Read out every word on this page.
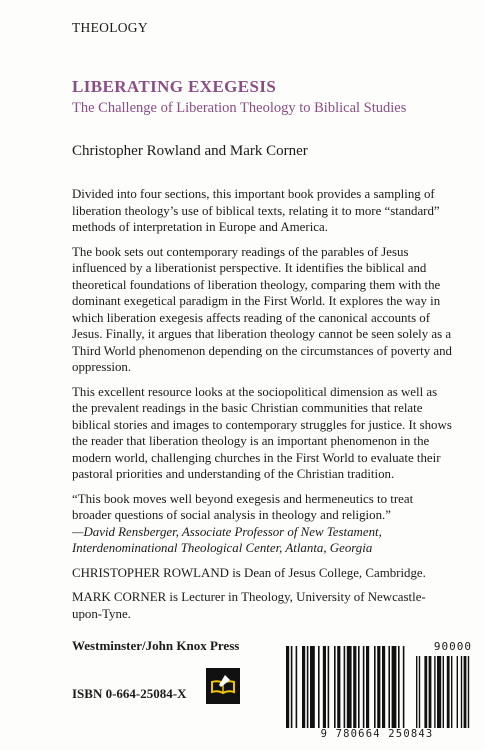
THEOLOGY
LIBERATING EXEGESIS
The Challenge of Liberation Theology to Biblical Studies
Christopher Rowland and Mark Corner

Divided into four sections, this important book provides a sampling of liberation theology’s use of biblical texts, relating it to more “standard” methods of interpretation in Europe and America.

The book sets out contemporary readings of the parables of Jesus influenced by a liberationist perspective. It identifies the biblical and theoretical foundations of liberation theology, comparing them with the dominant exegetical paradigm in the First World. It explores the way in which liberation exegesis affects reading of the canonical accounts of Jesus. Finally, it argues that liberation theology cannot be seen solely as a Third World phenomenon depending on the circumstances of poverty and oppression.

This excellent resource looks at the sociopolitical dimension as well as the prevalent readings in the basic Christian communities that relate biblical stories and images to contemporary struggles for justice. It shows the reader that liberation theology is an important phenomenon in the modern world, challenging churches in the First World to evaluate their pastoral priorities and understanding of the Christian tradition.

“This book moves well beyond exegesis and hermeneutics to treat broader questions of social analysis in theology and religion.”
—David Rensberger, Associate Professor of New Testament, Interdenominational Theological Center, Atlanta, Georgia

CHRISTOPHER ROWLAND is Dean of Jesus College, Cambridge.

MARK CORNER is Lecturer in Theology, University of Newcastle-upon-Tyne.

Westminster/John Knox Press
ISBN 0-664-25084-X
90000
9 780664 250843
